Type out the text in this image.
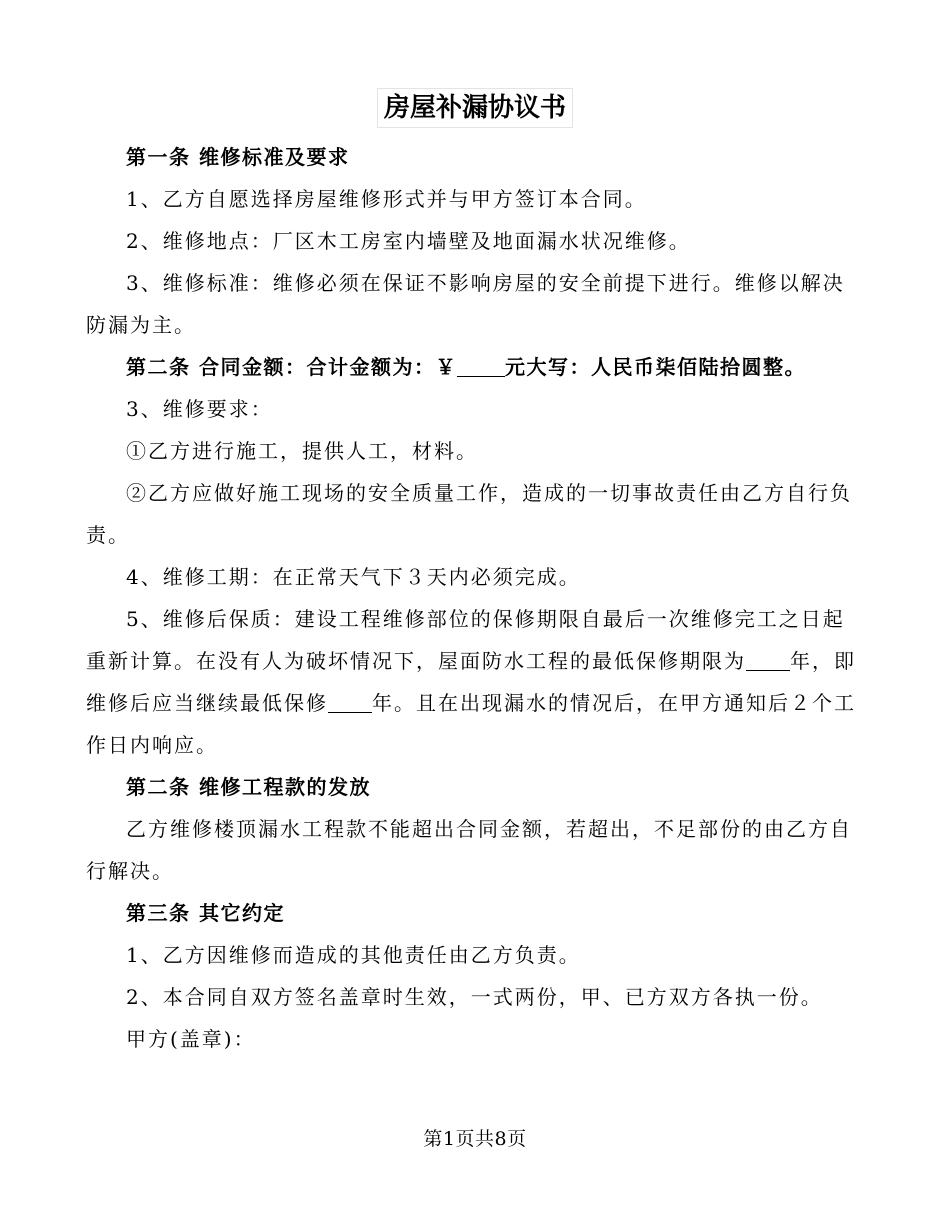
房屋补漏协议书

第一条 维修标准及要求

1、乙方自愿选择房屋维修形式并与甲方签订本合同。

2、维修地点：厂区木工房室内墙壁及地面漏水状况维修。

3、维修标准：维修必须在保证不影响房屋的安全前提下进行。维修以解决防漏为主。

第二条 合同金额：合计金额为：￥ 元大写：人民币柒佰陆拾圆整。

3、维修要求：

①乙方进行施工，提供人工，材料。

②乙方应做好施工现场的安全质量工作，造成的一切事故责任由乙方自行负责。

4、维修工期：在正常天气下３天内必须完成。

5、维修后保质：建设工程维修部位的保修期限自最后一次维修完工之日起重新计算。在没有人为破坏情况下，屋面防水工程的最低保修期限为 年，即维修后应当继续最低保修 年。且在出现漏水的情况后，在甲方通知后２个工作日内响应。

第二条 维修工程款的发放

乙方维修楼顶漏水工程款不能超出合同金额，若超出，不足部份的由乙方自行解决。

第三条 其它约定

1、乙方因维修而造成的其他责任由乙方负责。

2、本合同自双方签名盖章时生效，一式两份，甲、已方双方各执一份。

甲方(盖章)：

第1页共8页
